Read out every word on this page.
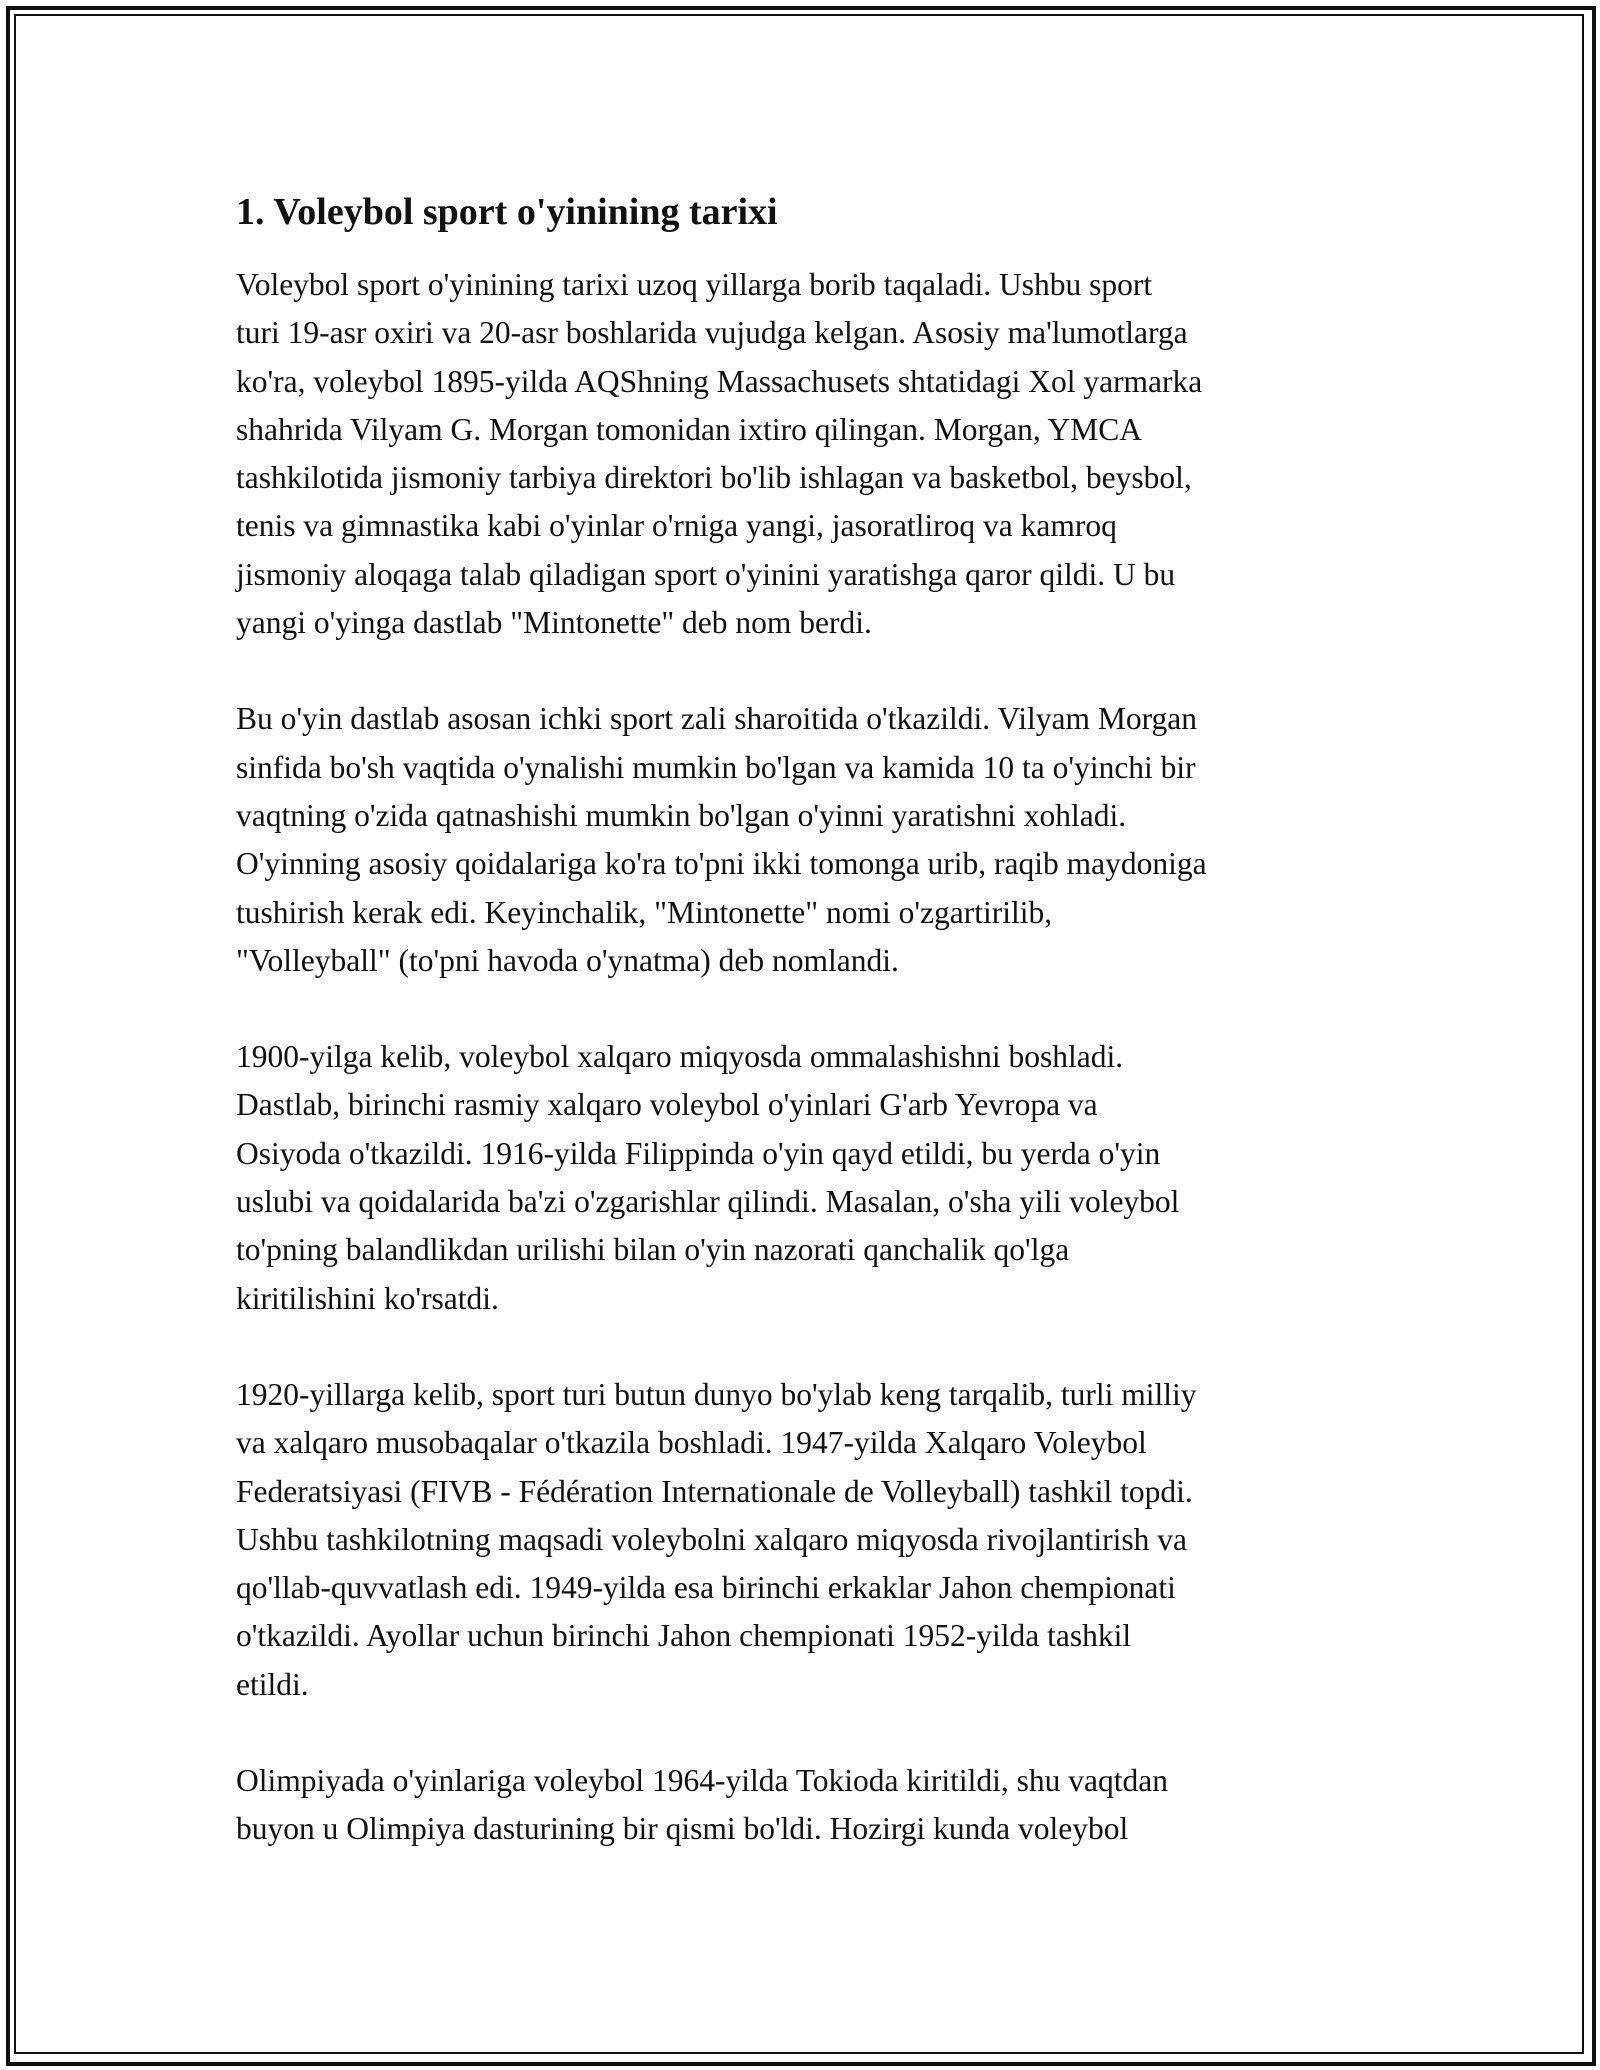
1. Voleybol sport o'yinining tarixi

Voleybol sport o'yinining tarixi uzoq yillarga borib taqaladi. Ushbu sport
turi 19-asr oxiri va 20-asr boshlarida vujudga kelgan. Asosiy ma'lumotlarga
ko'ra, voleybol 1895-yilda AQShning Massachusets shtatidagi Xol yarmarka
shahrida Vilyam G. Morgan tomonidan ixtiro qilingan. Morgan, YMCA
tashkilotida jismoniy tarbiya direktori bo'lib ishlagan va basketbol, beysbol,
tenis va gimnastika kabi o'yinlar o'rniga yangi, jasoratliroq va kamroq
jismoniy aloqaga talab qiladigan sport o'yinini yaratishga qaror qildi. U bu
yangi o'yinga dastlab "Mintonette" deb nom berdi.

Bu o'yin dastlab asosan ichki sport zali sharoitida o'tkazildi. Vilyam Morgan
sinfida bo'sh vaqtida o'ynalishi mumkin bo'lgan va kamida 10 ta o'yinchi bir
vaqtning o'zida qatnashishi mumkin bo'lgan o'yinni yaratishni xohladi.
O'yinning asosiy qoidalariga ko'ra to'pni ikki tomonga urib, raqib maydoniga
tushirish kerak edi. Keyinchalik, "Mintonette" nomi o'zgartirilib,
"Volleyball" (to'pni havoda o'ynatma) deb nomlandi.

1900-yilga kelib, voleybol xalqaro miqyosda ommalashishni boshladi.
Dastlab, birinchi rasmiy xalqaro voleybol o'yinlari G'arb Yevropa va
Osiyoda o'tkazildi. 1916-yilda Filippinda o'yin qayd etildi, bu yerda o'yin
uslubi va qoidalarida ba'zi o'zgarishlar qilindi. Masalan, o'sha yili voleybol
to'pning balandlikdan urilishi bilan o'yin nazorati qanchalik qo'lga
kiritilishini ko'rsatdi.

1920-yillarga kelib, sport turi butun dunyo bo'ylab keng tarqalib, turli milliy
va xalqaro musobaqalar o'tkazila boshladi. 1947-yilda Xalqaro Voleybol
Federatsiyasi (FIVB - Fédération Internationale de Volleyball) tashkil topdi.
Ushbu tashkilotning maqsadi voleybolni xalqaro miqyosda rivojlantirish va
qo'llab-quvvatlash edi. 1949-yilda esa birinchi erkaklar Jahon chempionati
o'tkazildi. Ayollar uchun birinchi Jahon chempionati 1952-yilda tashkil
etildi.

Olimpiyada o'yinlariga voleybol 1964-yilda Tokioda kiritildi, shu vaqtdan
buyon u Olimpiya dasturining bir qismi bo'ldi. Hozirgi kunda voleybol
